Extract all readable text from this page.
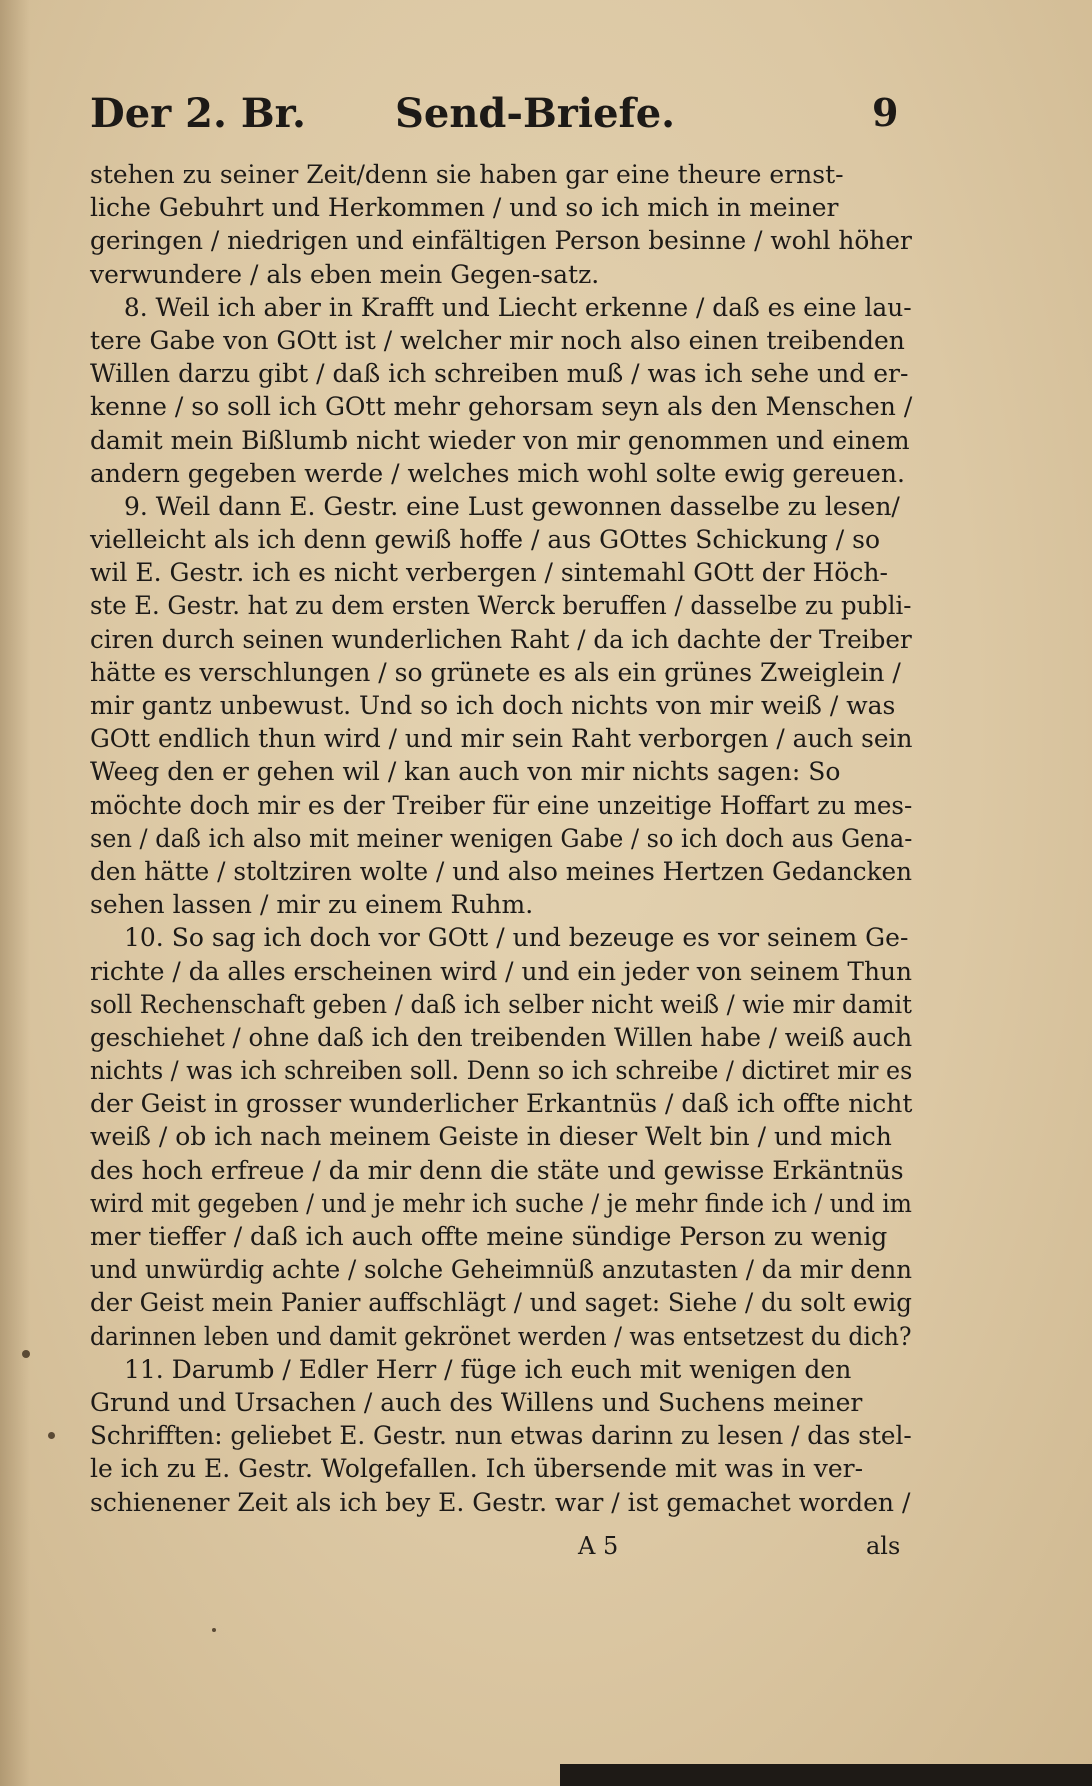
Der 2. Br. Send-Briefe.	9
stehen zu seiner Zeit/denn sie haben gar eine theure ernst-
liche Gebuhrt und Herkommen / und so ich mich in meiner
geringen / niedrigen und einfältigen Person besinne / wohl höher
verwundere / als eben mein Gegen-satz.
8. Weil ich aber in Krafft und Liecht erkenne / daß es eine lau-
tere Gabe von GOtt ist / welcher mir noch also einen treibenden
Willen darzu gibt / daß ich schreiben muß / was ich sehe und er-
kenne / so soll ich GOtt mehr gehorsam seyn als den Menschen /
damit mein Bißlumb nicht wieder von mir genommen und einem
andern gegeben werde / welches mich wohl solte ewig gereuen.
9. Weil dann E. Gestr. eine Lust gewonnen dasselbe zu lesen/
vielleicht als ich denn gewiß hoffe / aus GOttes Schickung / so
wil E. Gestr. ich es nicht verbergen / sintemahl GOtt der Höch-
ste E. Gestr. hat zu dem ersten Werck beruffen / dasselbe zu publi-
ciren durch seinen wunderlichen Raht / da ich dachte der Treiber
hätte es verschlungen / so grünete es als ein grünes Zweiglein /
mir gantz unbewust. Und so ich doch nichts von mir weiß / was
GOtt endlich thun wird / und mir sein Raht verborgen / auch sein
Weeg den er gehen wil / kan auch von mir nichts sagen: So
möchte doch mir es der Treiber für eine unzeitige Hoffart zu mes-
sen / daß ich also mit meiner wenigen Gabe / so ich doch aus Gena-
den hätte / stoltziren wolte / und also meines Hertzen Gedancken
sehen lassen / mir zu einem Ruhm.
10. So sag ich doch vor GOtt / und bezeuge es vor seinem Ge-
richte / da alles erscheinen wird / und ein jeder von seinem Thun
soll Rechenschaft geben / daß ich selber nicht weiß / wie mir damit
geschiehet / ohne daß ich den treibenden Willen habe / weiß auch
nichts / was ich schreiben soll. Denn so ich schreibe / dictiret mir es
der Geist in grosser wunderlicher Erkantnüs / daß ich offte nicht
weiß / ob ich nach meinem Geiste in dieser Welt bin / und mich
des hoch erfreue / da mir denn die stäte und gewisse Erkäntnüs
wird mit gegeben / und je mehr ich suche / je mehr finde ich / und im
mer tieffer / daß ich auch offte meine sündige Person zu wenig
und unwürdig achte / solche Geheimnüß anzutasten / da mir denn
der Geist mein Panier auffschlägt / und saget: Siehe / du solt ewig
darinnen leben und damit gekrönet werden / was entsetzest du dich?
11. Darumb / Edler Herr / füge ich euch mit wenigen den
Grund und Ursachen / auch des Willens und Suchens meiner
Schrifften: geliebet E. Gestr. nun etwas darinn zu lesen / das stel-
le ich zu E. Gestr. Wolgefallen. Ich übersende mit was in ver-
schienener Zeit als ich bey E. Gestr. war / ist gemachet worden /
A 5	als
